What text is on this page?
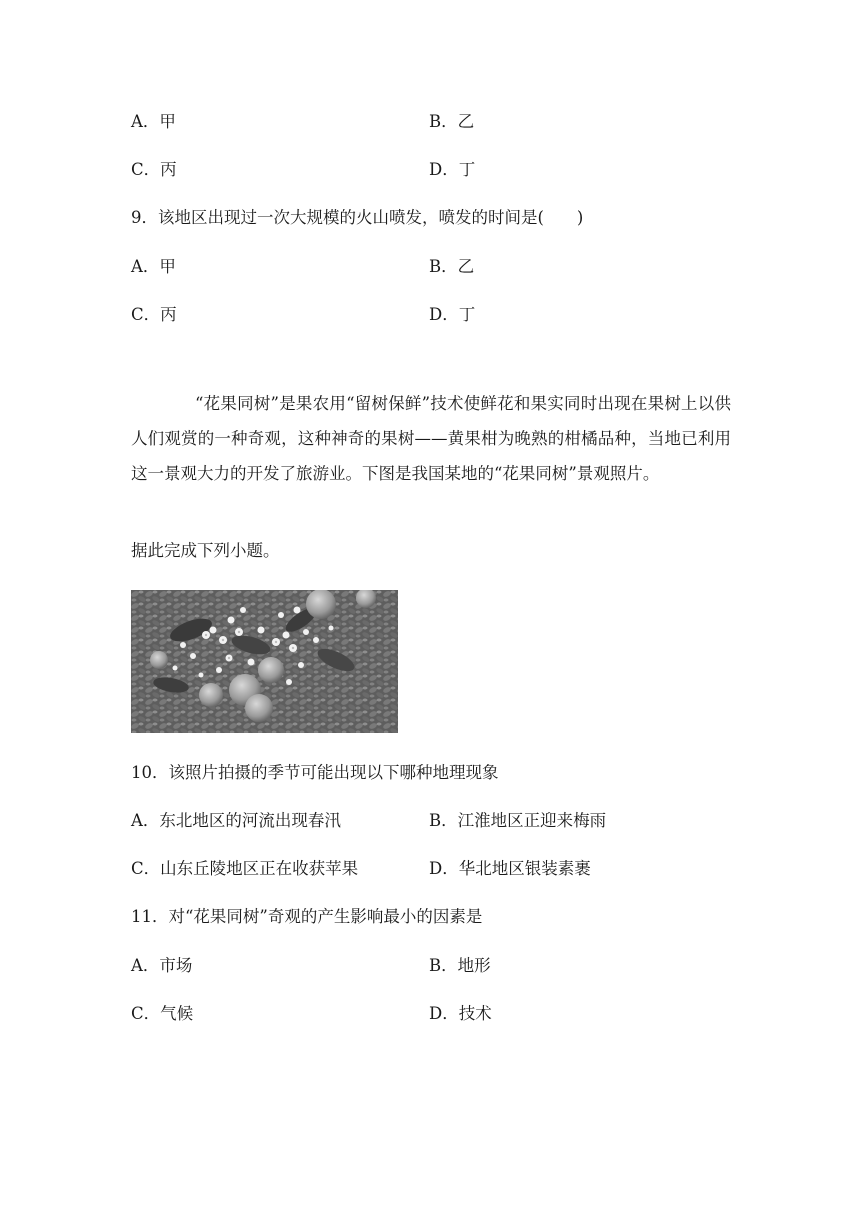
A．甲	B．乙
C．丙	D．丁
9．该地区出现过一次大规模的火山喷发，喷发的时间是(　　)
A．甲	B．乙
C．丙	D．丁
“花果同树”是果农用“留树保鲜”技术使鲜花和果实同时出现在果树上以供人们观赏的一种奇观，这种神奇的果树——黄果柑为晚熟的柑橘品种，当地已利用这一景观大力的开发了旅游业。下图是我国某地的“花果同树”景观照片。
据此完成下列小题。
10．该照片拍摄的季节可能出现以下哪种地理现象
A．东北地区的河流出现春汛	B．江淮地区正迎来梅雨
C．山东丘陵地区正在收获苹果	D．华北地区银装素裹
11．对“花果同树”奇观的产生影响最小的因素是
A．市场	B．地形
C．气候	D．技术
